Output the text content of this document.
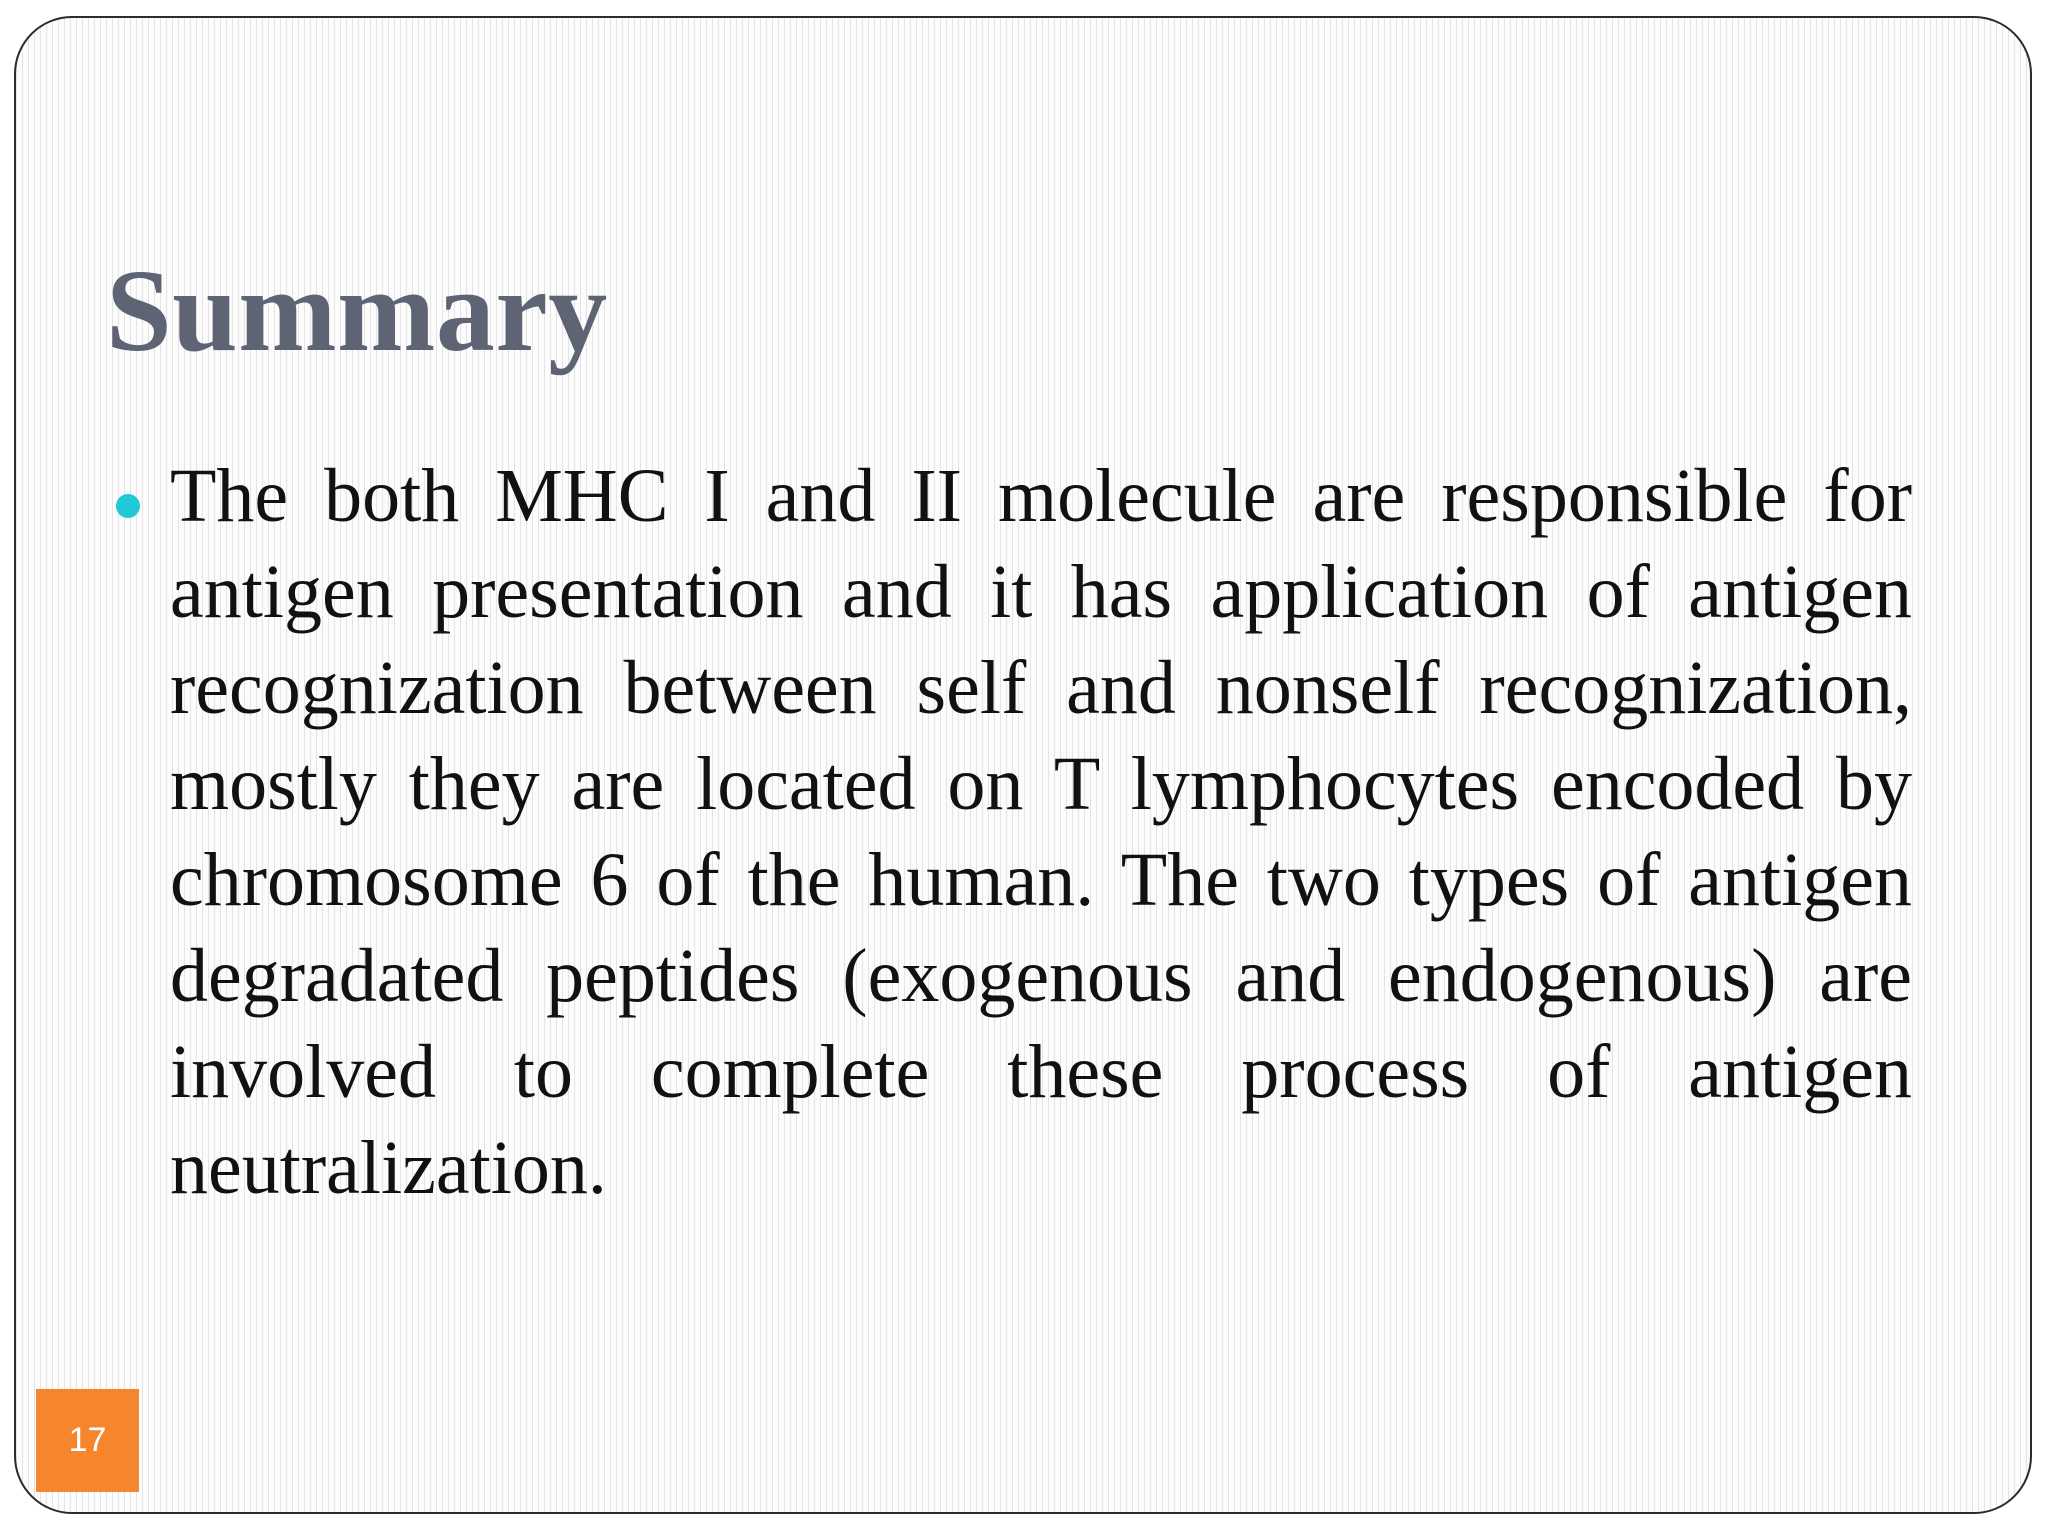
Summary

The both MHC I and II molecule are responsible for antigen presentation and it has application of antigen recognization between self and nonself recognization, mostly they are located on T lymphocytes encoded by chromosome 6 of the human. The two types of antigen degradated peptides (exogenous and endogenous) are involved to complete these process of antigen neutralization.

17
